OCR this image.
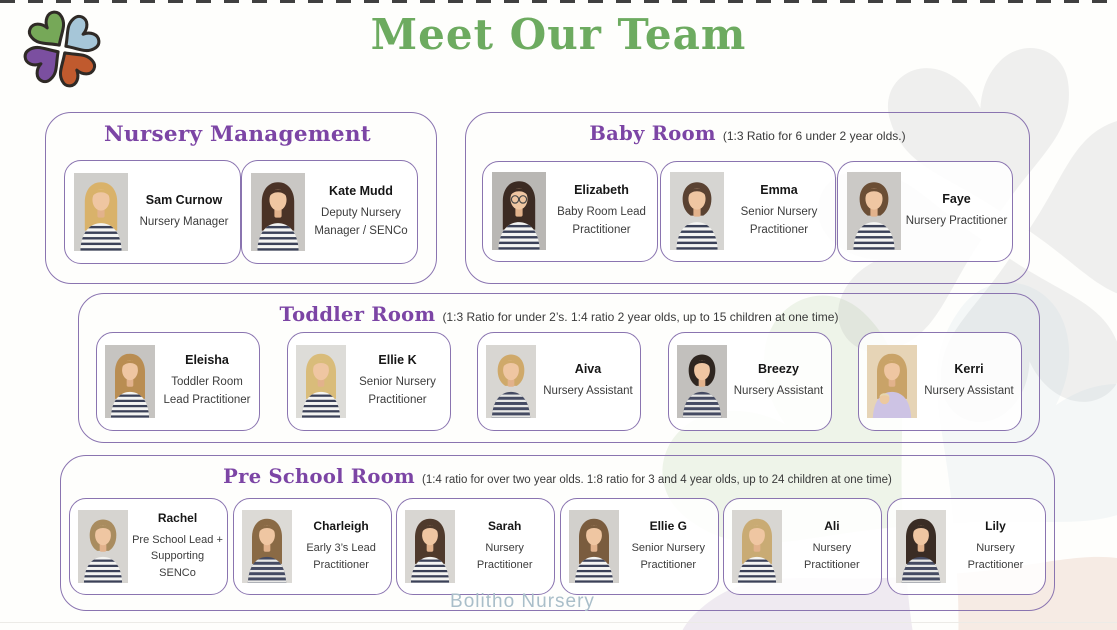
Meet Our Team
Nursery Management
Sam Curnow
Nursery Manager
Kate Mudd
Deputy Nursery Manager / SENCo
Baby Room (1:3 Ratio for 6 under 2 year olds.)
Elizabeth
Baby Room Lead Practitioner
Emma
Senior Nursery Practitioner
Faye
Nursery Practitioner
Toddler Room (1:3 Ratio for under 2’s. 1:4 ratio 2 year olds, up to 15 children at one time)
Eleisha
Toddler Room Lead Practitioner
Ellie K
Senior Nursery Practitioner
Aiva
Nursery Assistant
Breezy
Nursery Assistant
Kerri
Nursery Assistant
Pre School Room (1:4 ratio for over two year olds. 1:8 ratio for 3 and 4 year olds, up to 24 children at one time)
Rachel
Pre School Lead + Supporting SENCo
Charleigh
Early 3’s Lead Practitioner
Sarah
Nursery Practitioner
Ellie G
Senior Nursery Practitioner
Ali
Nursery Practitioner
Lily
Nursery Practitioner
Bolitho Nursery
